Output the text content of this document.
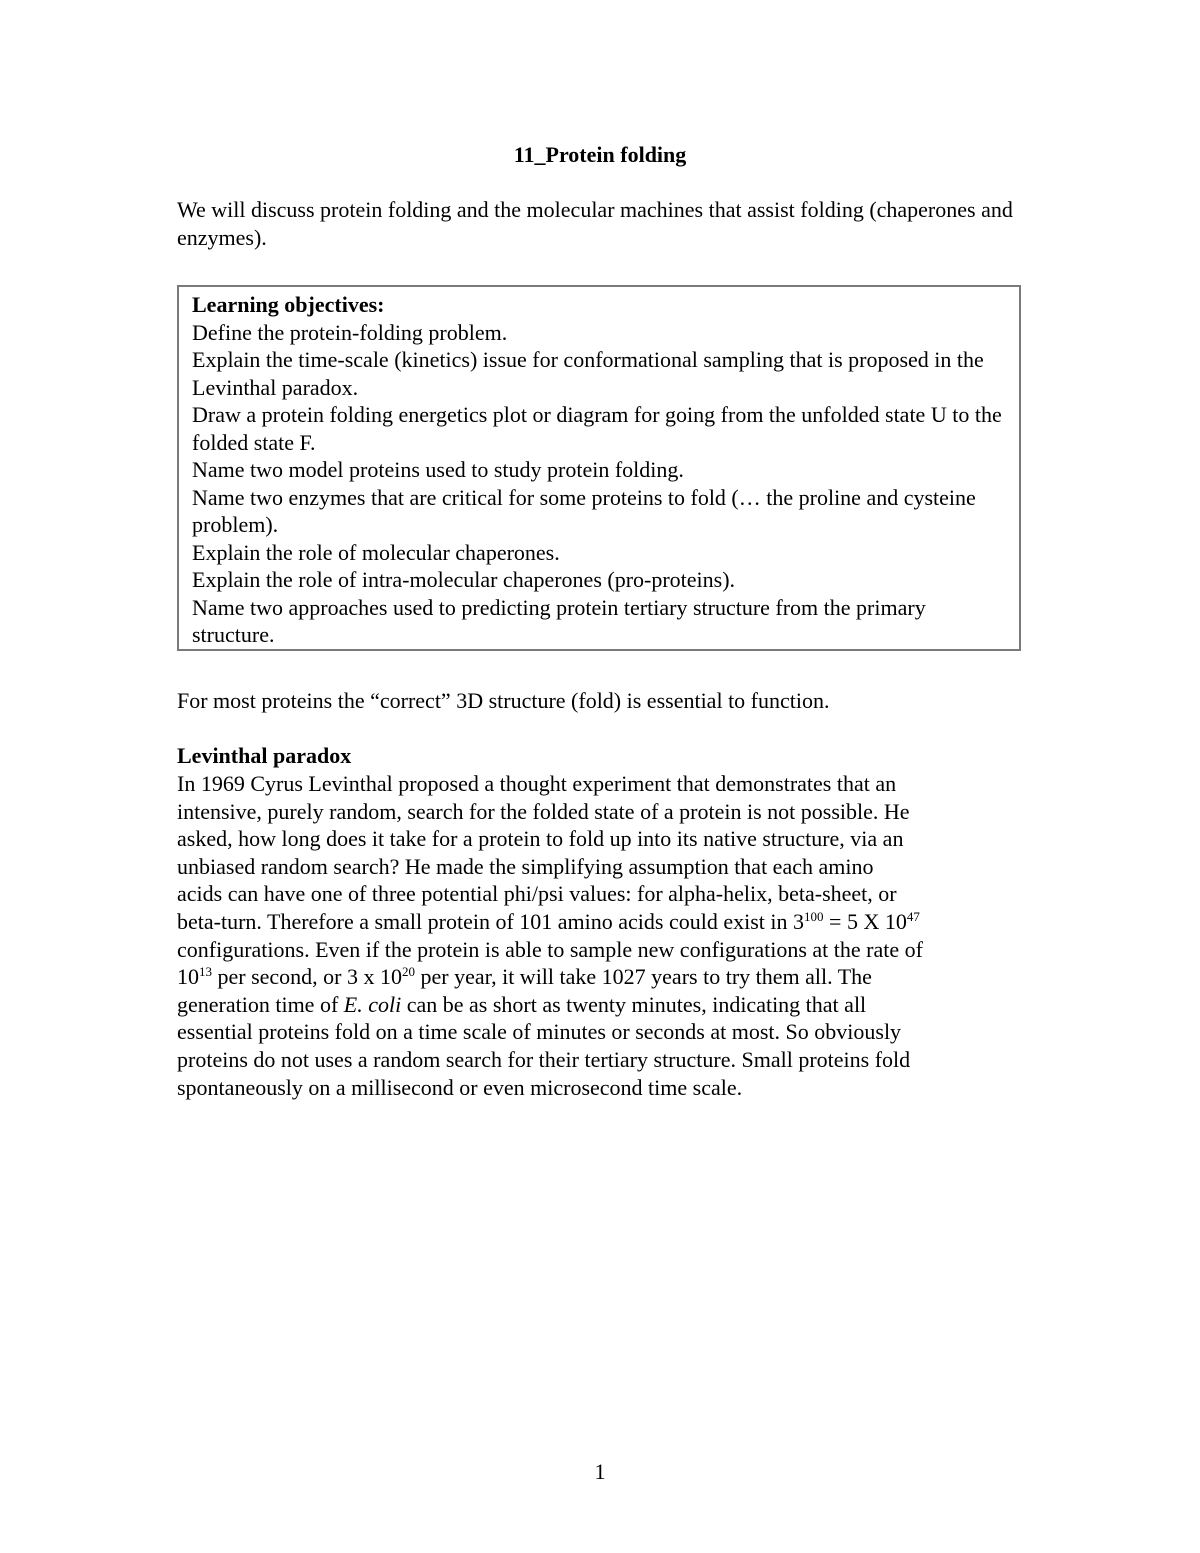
11_Protein folding
We will discuss protein folding and the molecular machines that assist folding (chaperones and enzymes).
Learning objectives:
Define the protein-folding problem.
Explain the time-scale (kinetics) issue for conformational sampling that is proposed in the Levinthal paradox.
Draw a protein folding energetics plot or diagram for going from the unfolded state U to the folded state F.
Name two model proteins used to study protein folding.
Name two enzymes that are critical for some proteins to fold (… the proline and cysteine problem).
Explain the role of molecular chaperones.
Explain the role of intra-molecular chaperones (pro-proteins).
Name two approaches used to predicting protein tertiary structure from the primary structure.
For most proteins the “correct” 3D structure (fold) is essential to function.
Levinthal paradox
In 1969 Cyrus Levinthal proposed a thought experiment that demonstrates that an
intensive, purely random, search for the folded state of a protein is not possible. He
asked, how long does it take for a protein to fold up into its native structure, via an
unbiased random search? He made the simplifying assumption that each amino
acids can have one of three potential phi/psi values: for alpha-helix, beta-sheet, or
beta-turn. Therefore a small protein of 101 amino acids could exist in $3^{100} = 5$ X $10^{47}$
configurations. Even if the protein is able to sample new configurations at the rate of
$10^{13}$ per second, or 3 x $10^{20}$ per year, it will take 1027 years to try them all. The
generation time of E. coli can be as short as twenty minutes, indicating that all
essential proteins fold on a time scale of minutes or seconds at most. So obviously
proteins do not uses a random search for their tertiary structure. Small proteins fold
spontaneously on a millisecond or even microsecond time scale.
1
